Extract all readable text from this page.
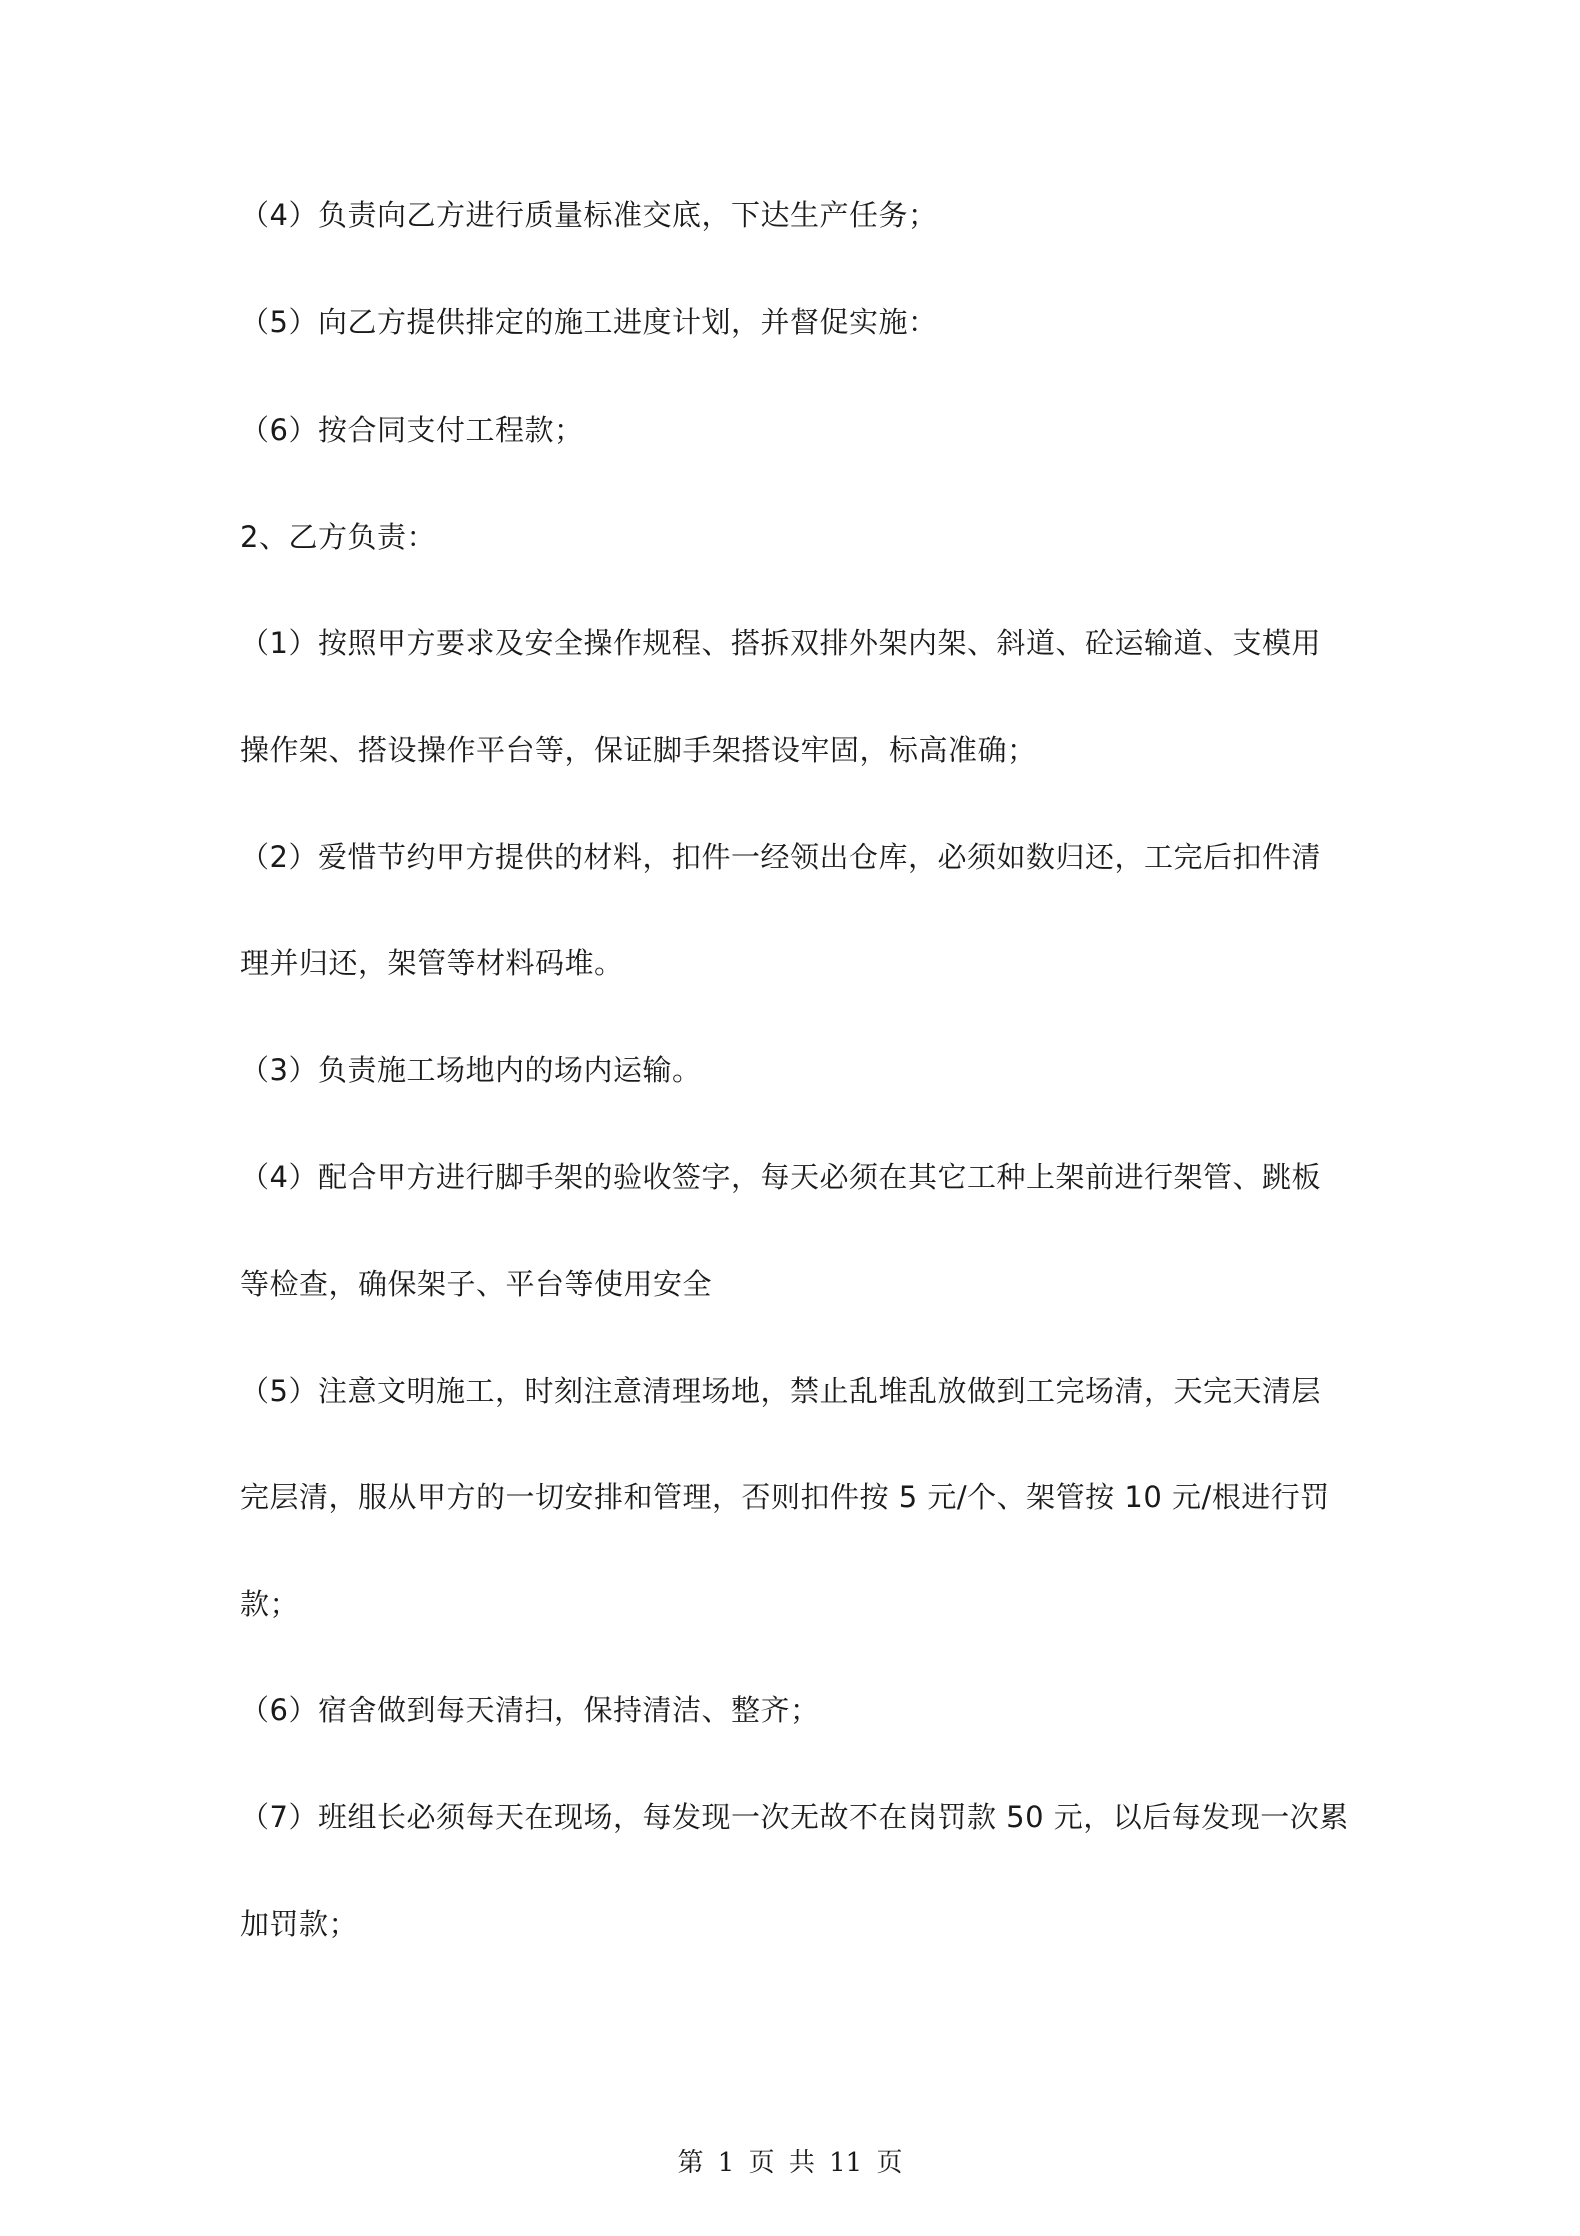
（4）负责向乙方进行质量标准交底，下达生产任务；
（5）向乙方提供排定的施工进度计划，并督促实施：
（6）按合同支付工程款；
2、乙方负责：
（1）按照甲方要求及安全操作规程、搭拆双排外架内架、斜道、砼运输道、支模用
操作架、搭设操作平台等，保证脚手架搭设牢固，标高准确；
（2）爱惜节约甲方提供的材料，扣件一经领出仓库，必须如数归还，工完后扣件清
理并归还，架管等材料码堆。
（3）负责施工场地内的场内运输。
（4）配合甲方进行脚手架的验收签字，每天必须在其它工种上架前进行架管、跳板
等检查，确保架子、平台等使用安全
（5）注意文明施工，时刻注意清理场地，禁止乱堆乱放做到工完场清，天完天清层
完层清，服从甲方的一切安排和管理，否则扣件按 5 元/个、架管按 10 元/根进行罚
款；
（6）宿舍做到每天清扫，保持清洁、整齐；
（7）班组长必须每天在现场，每发现一次无故不在岗罚款 50 元，以后每发现一次累
加罚款；
第 1 页 共 11 页
